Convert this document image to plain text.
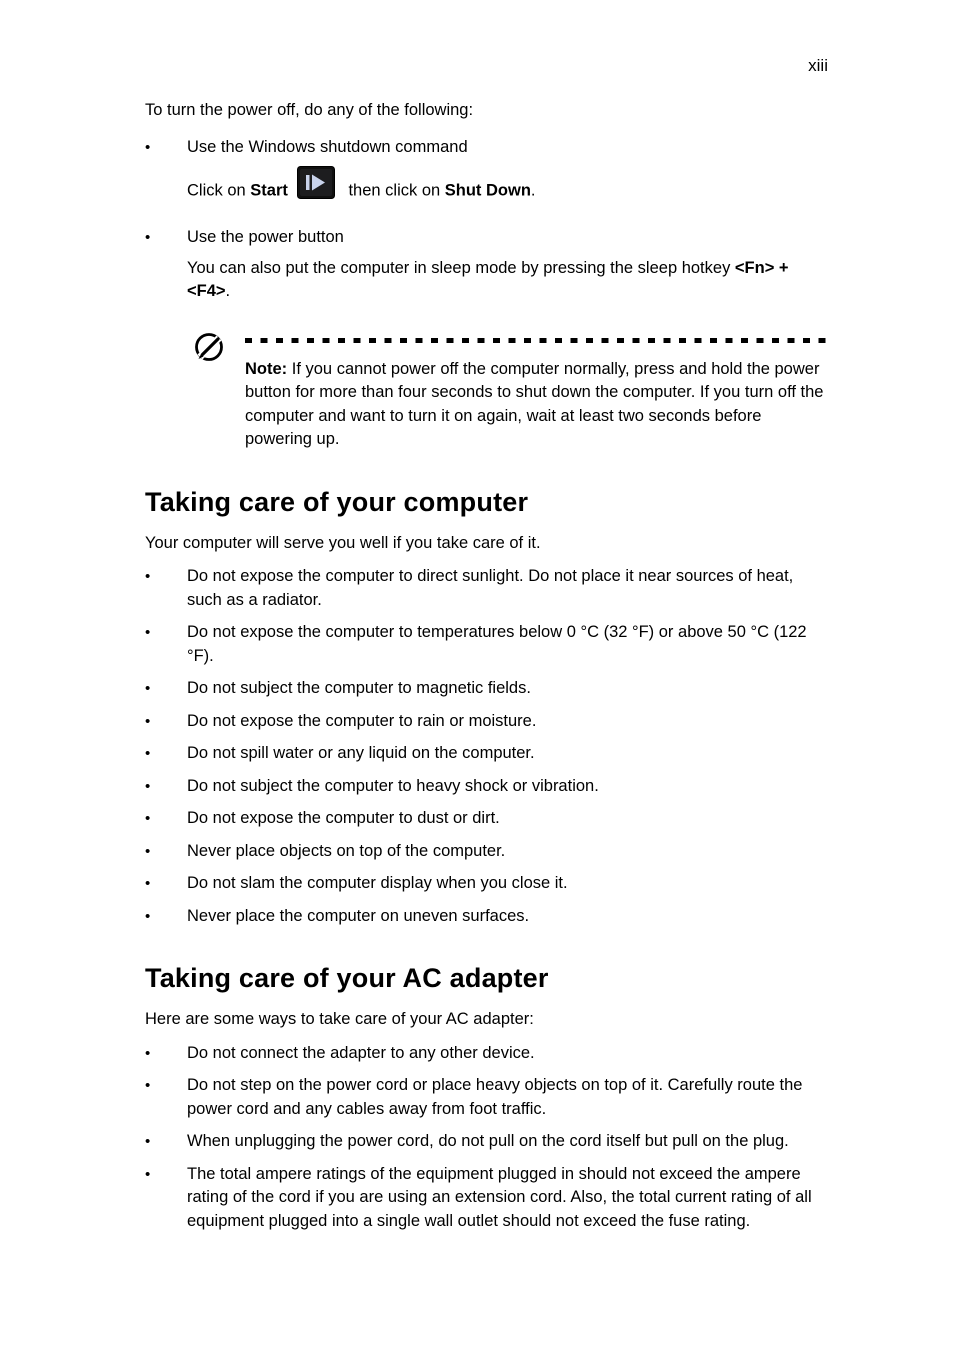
xiii

To turn the power off, do any of the following:

• Use the Windows shutdown command
Click on Start	then click on Shut Down.
• Use the power button

You can also put the computer in sleep mode by pressing the sleep hotkey <Fn> + <F4>.

Note: If you cannot power off the computer normally, press and hold the power button for more than four seconds to shut down the computer. If you turn off the computer and want to turn it on again, wait at least two seconds before powering up.

Taking care of your computer

Your computer will serve you well if you take care of it.

• Do not expose the computer to direct sunlight. Do not place it near sources of heat, such as a radiator.
• Do not expose the computer to temperatures below 0 °C (32 °F) or above 50 °C (122 °F).
• Do not subject the computer to magnetic fields.
• Do not expose the computer to rain or moisture.
• Do not spill water or any liquid on the computer.
• Do not subject the computer to heavy shock or vibration.
• Do not expose the computer to dust or dirt.
• Never place objects on top of the computer.
• Do not slam the computer display when you close it.
• Never place the computer on uneven surfaces.
Taking care of your AC adapter

Here are some ways to take care of your AC adapter:

• Do not connect the adapter to any other device.
• Do not step on the power cord or place heavy objects on top of it. Carefully route the power cord and any cables away from foot traffic.
• When unplugging the power cord, do not pull on the cord itself but pull on the plug.
• The total ampere ratings of the equipment plugged in should not exceed the ampere rating of the cord if you are using an extension cord. Also, the total current rating of all equipment plugged into a single wall outlet should not exceed the fuse rating.
